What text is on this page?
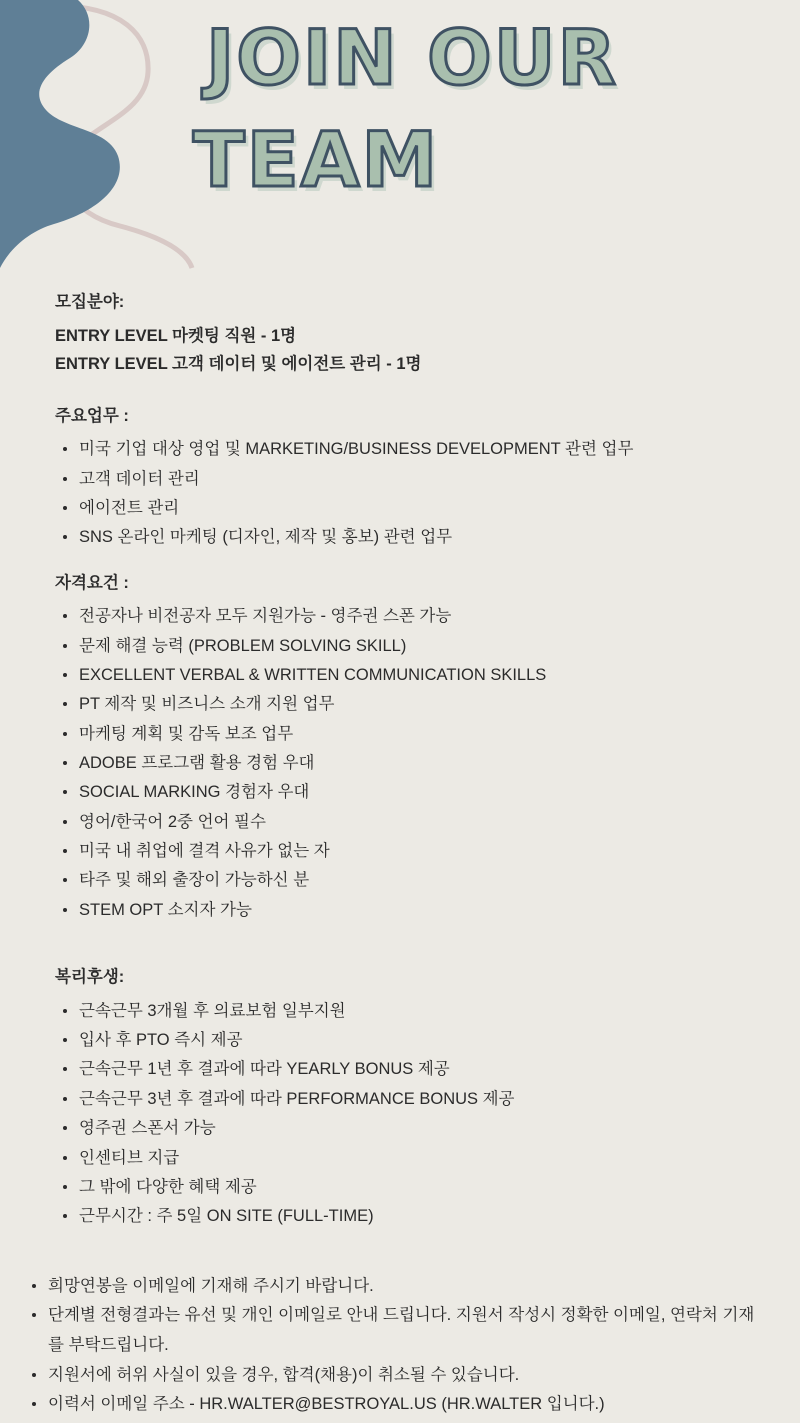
JOIN OUR
TEAM

모집분야:

ENTRY LEVEL 마켓팅 직원 - 1명

ENTRY LEVEL 고객 데이터 및 에이전트 관리 - 1명

주요업무 :

미국 기업 대상 영업 및 MARKETING/BUSINESS DEVELOPMENT 관련 업무
고객 데이터 관리
에이전트 관리
SNS 온라인 마케팅 (디자인, 제작 및 홍보) 관련 업무

자격요건 :

전공자나 비전공자 모두 지원가능 - 영주권 스폰 가능
문제 해결 능력 (PROBLEM SOLVING SKILL)
EXCELLENT VERBAL & WRITTEN COMMUNICATION SKILLS
PT 제작 및 비즈니스 소개 지원 업무
마케팅 계획 및 감독 보조 업무
ADOBE 프로그램 활용 경험 우대
SOCIAL MARKING 경험자 우대
영어/한국어 2중 언어 필수
미국 내 취업에 결격 사유가 없는 자
타주 및 해외 출장이 가능하신 분
STEM OPT 소지자 가능

복리후생:

근속근무 3개월 후 의료보험 일부지원
입사 후 PTO 즉시 제공
근속근무 1년 후 결과에 따라 YEARLY BONUS 제공
근속근무 3년 후 결과에 따라 PERFORMANCE BONUS 제공
영주권 스폰서 가능
인센티브 지급
그 밖에 다양한 혜택 제공
근무시간 : 주 5일 ON SITE (FULL-TIME)
희망연봉을 이메일에 기재해 주시기 바랍니다.
단계별 전형결과는 유선 및 개인 이메일로 안내 드립니다. 지원서 작성시 정확한 이메일, 연락처 기재를 부탁드립니다.
지원서에 허위 사실이 있을 경우, 합격(채용)이 취소될 수 있습니다.
이력서 이메일 주소 - HR.WALTER@BESTROYAL.US (HR.WALTER 입니다.)
